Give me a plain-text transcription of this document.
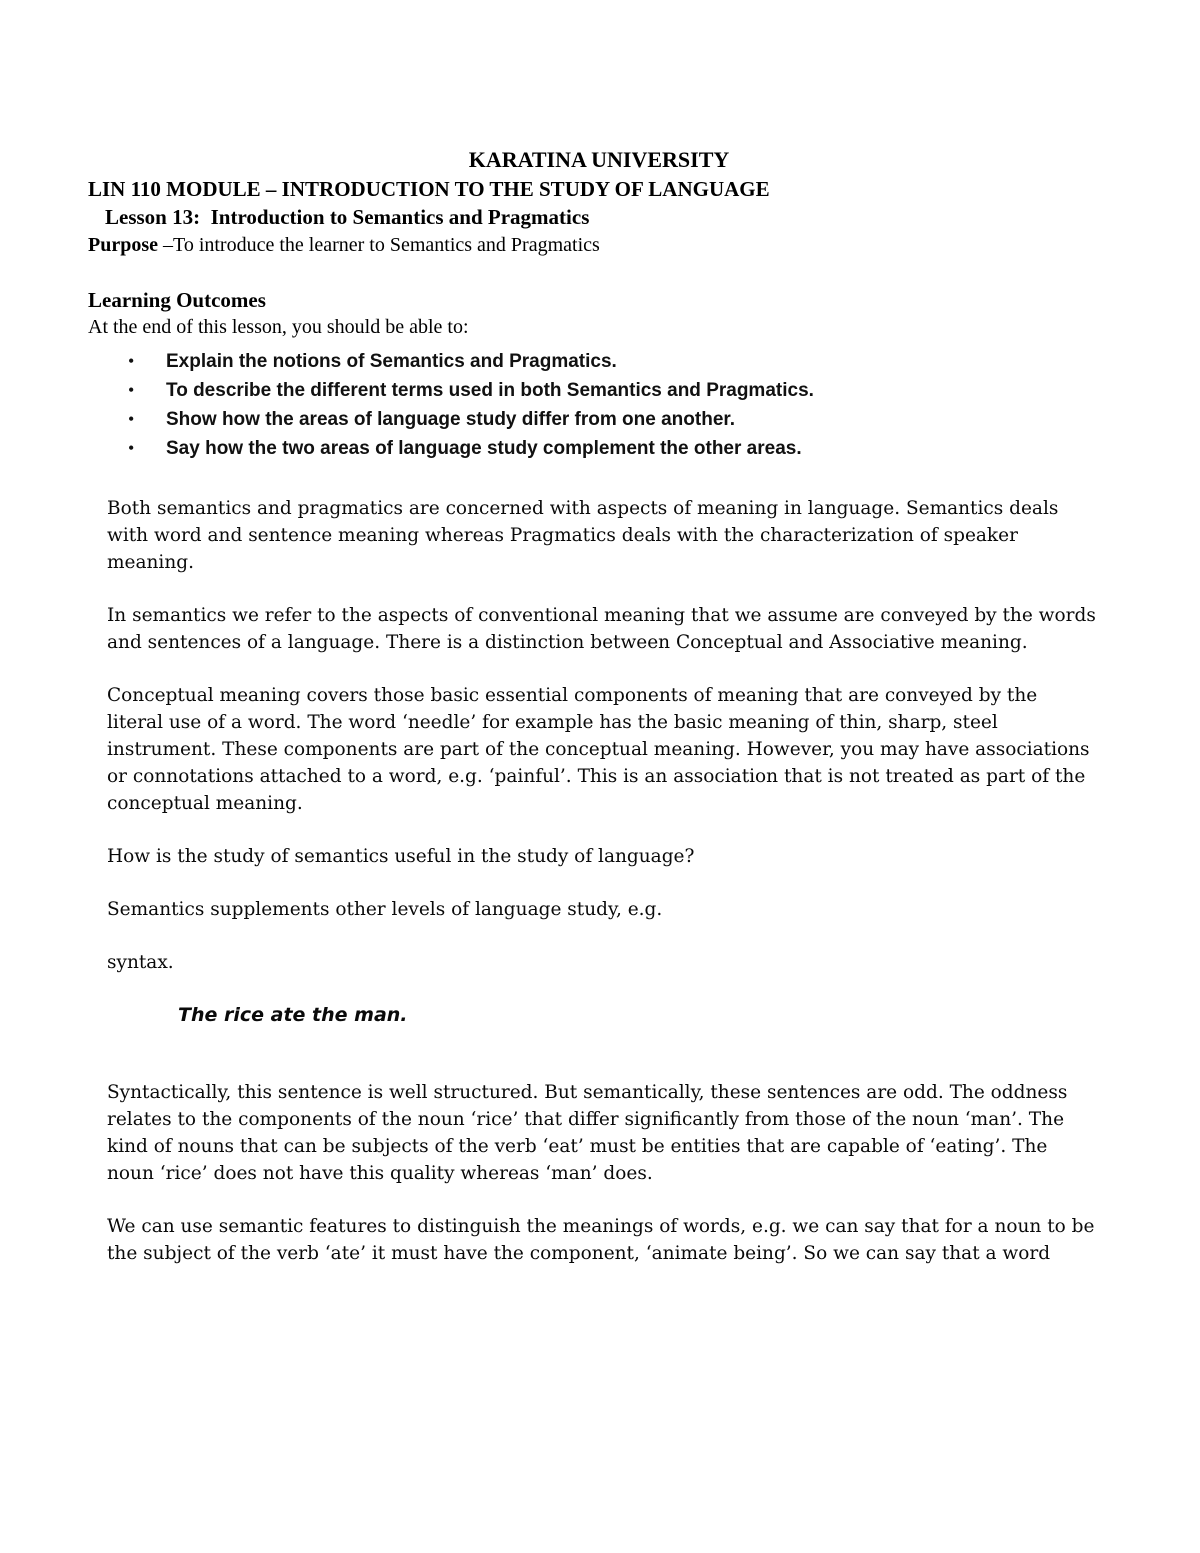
KARATINA UNIVERSITY
LIN 110 MODULE – INTRODUCTION TO THE STUDY OF LANGUAGE
Lesson 13:  Introduction to Semantics and Pragmatics
Purpose –To introduce the learner to Semantics and Pragmatics
Learning Outcomes
At the end of this lesson, you should be able to:
•	Explain the notions of Semantics and Pragmatics.
•	To describe the different terms used in both Semantics and Pragmatics.
•	Show how the areas of language study differ from one another.
•	Say how the two areas of language study complement the other areas.

Both semantics and pragmatics are concerned with aspects of meaning in language. Semantics deals with word and sentence meaning whereas Pragmatics deals with the characterization of speaker meaning.

In semantics we refer to the aspects of conventional meaning that we assume are conveyed by the words and sentences of a language. There is a distinction between Conceptual and Associative meaning.

Conceptual meaning covers those basic essential components of meaning that are conveyed by the literal use of a word. The word ‘needle’ for example has the basic meaning of thin, sharp, steel instrument. These components are part of the conceptual meaning. However, you may have associations or connotations attached to a word, e.g. ‘painful’. This is an association that is not treated as part of the conceptual meaning.

How is the study of semantics useful in the study of language?

Semantics supplements other levels of language study, e.g.

syntax.

The rice ate the man.

Syntactically, this sentence is well structured. But semantically, these sentences are odd. The oddness relates to the components of the noun ‘rice’ that differ significantly from those of the noun ‘man’. The kind of nouns that can be subjects of the verb ‘eat’ must be entities that are capable of ‘eating’. The noun ‘rice’ does not have this quality whereas ‘man’ does.

We can use semantic features to distinguish the meanings of words, e.g. we can say that for a noun to be the subject of the verb ‘ate’ it must have the component, ‘animate being’. So we can say that a word
